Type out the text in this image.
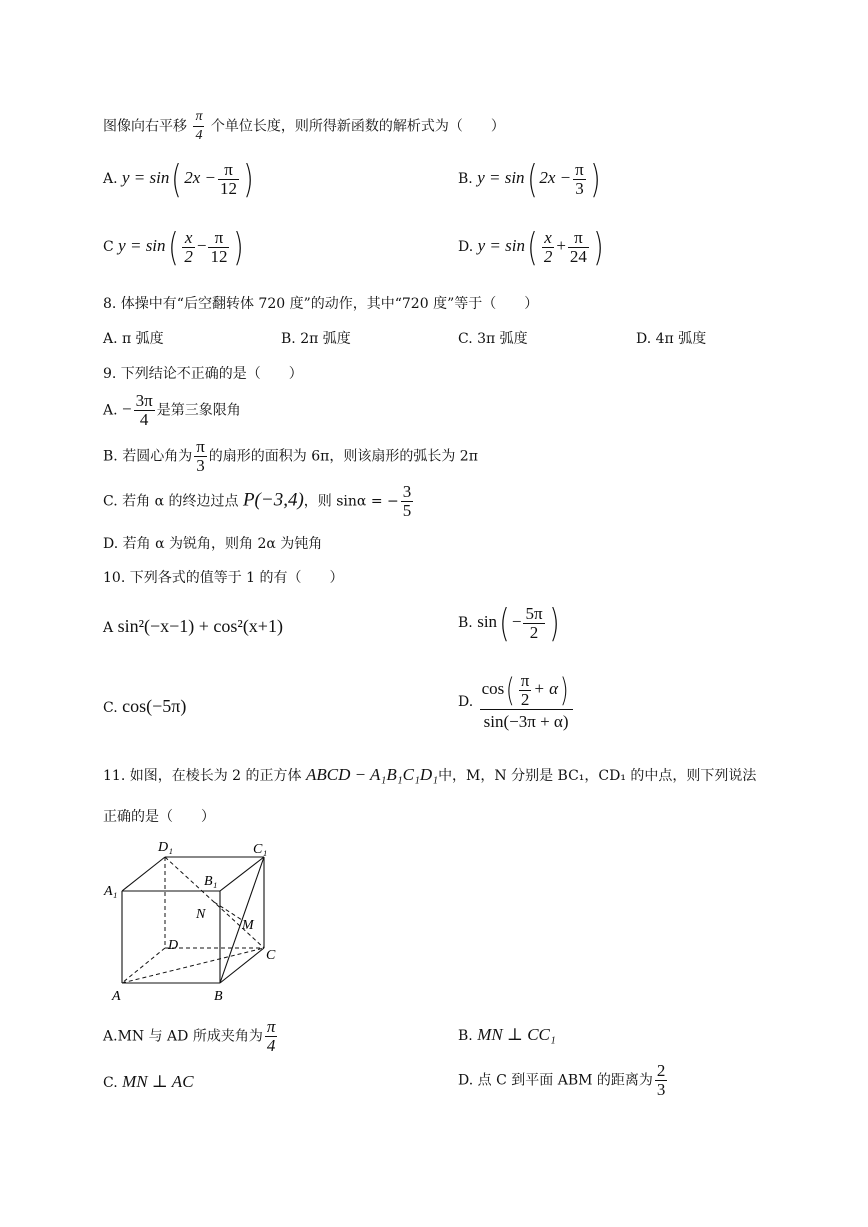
图像向右平移 $\frac{\pi}{4}$ 个单位长度，则所得新函数的解析式为（　　）
A. y = sin( $2x - \frac{\pi}{12}$ )	B. y = sin( $2x - \frac{\pi}{3}$ )
C $y = \sin( \frac{x}{2} - \frac{\pi}{12}$ )	D. $y = \sin( \frac{x}{2} + \frac{\pi}{24}$ )
8. 体操中有“后空翻转体 720 度”的动作，其中“720 度”等于（　　）
A. π 弧度	B. 2π 弧度	C. 3π 弧度	D. 4π 弧度
9. 下列结论不正确的是（　　）
A. − $\frac{3\pi}{4}$ 是第三象限角
B. 若圆心角为 $\frac{\pi}{3}$ 的扇形的面积为 6π，则该扇形的弧长为 2π
C. 若角 α 的终边过点 P(−3,4)，则 sinα = − $\frac{3}{5}$
D. 若角 α 为锐角，则角 2α 为钝角
10. 下列各式的值等于 1 的有（　　）
A sin²(−x−1) + cos²(x+1)	B. $\sin( - \frac{5\pi}{2}$ )
C. cos(−5π)	D. $\frac{\cos( \frac{\pi}{2} + \alpha)}{\sin(-3\pi + \alpha)}$
11. 如图，在棱长为 2 的正方体 ABCD − A₁B₁C₁D₁中，M，N 分别是 BC₁，CD₁ 的中点，则下列说法
正确的是（　　）
D₁	C₁
A₁
B₁
N
M
D
C
A	B
A.MN 与 AD 所成夹角为 $\frac{\pi}{4}$	B. MN ⊥ CC₁
C. MN ⊥ AC	D. 点 C 到平面 ABM 的距离为 $\frac{2}{3}$
